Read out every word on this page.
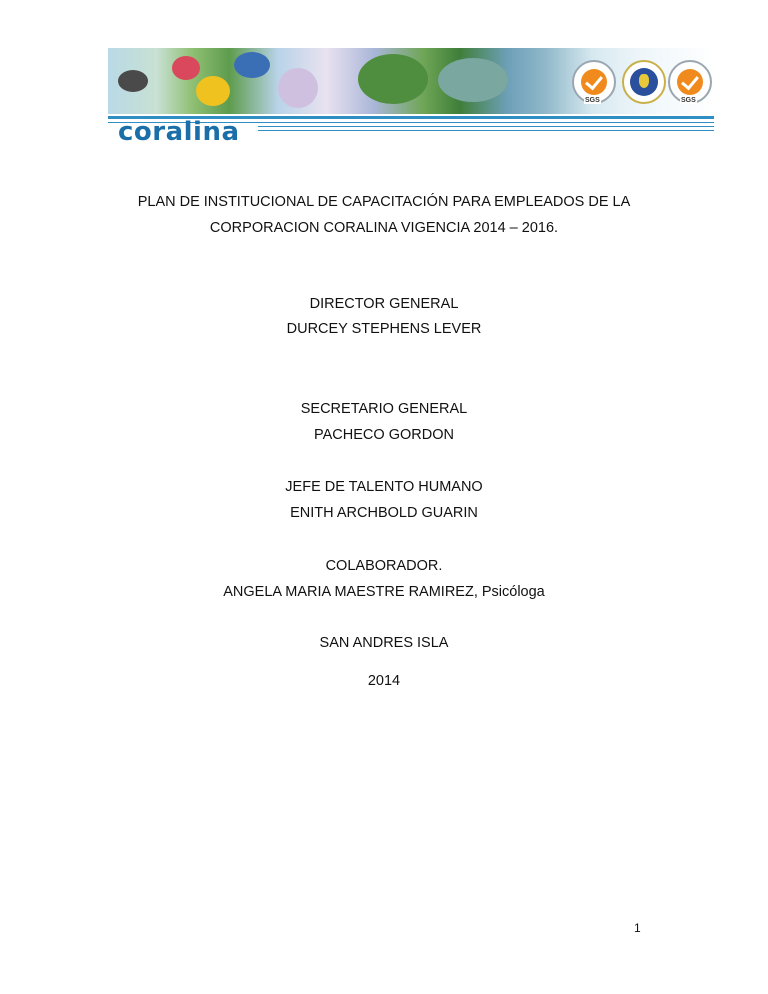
SGS	SGS
coralina
PLAN DE INSTITUCIONAL DE CAPACITACIÓN PARA EMPLEADOS DE LA
CORPORACION CORALINA VIGENCIA 2014 – 2016.
DIRECTOR GENERAL
DURCEY STEPHENS LEVER
SECRETARIO GENERAL
PACHECO GORDON
JEFE DE TALENTO HUMANO
ENITH ARCHBOLD GUARIN
COLABORADOR.
ANGELA MARIA MAESTRE RAMIREZ, Psicóloga
SAN ANDRES ISLA
2014
1
